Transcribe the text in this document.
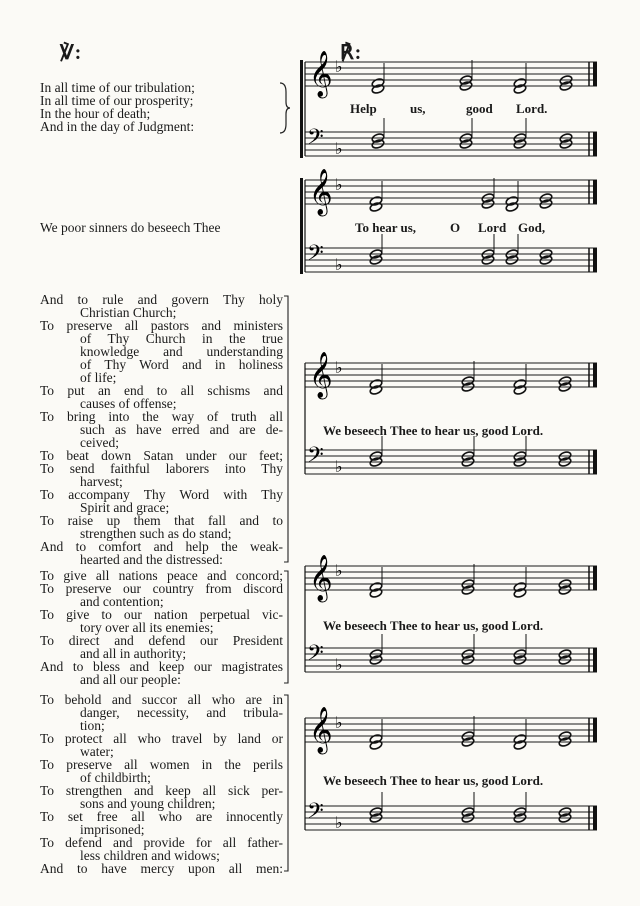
℣:	℟:
In all time of our tribulation;
In all time of our prosperity;
In the hour of death;
And in the day of Judgment:
We poor sinners do beseech Thee
And to rule and govern Thy holy
Christian Church;
To preserve all pastors and ministers
of Thy Church in the true
knowledge and understanding
of Thy Word and in holiness
of life;
To put an end to all schisms and
causes of offense;
To bring into the way of truth all
such as have erred and are de-
ceived;
To beat down Satan under our feet;
To send faithful laborers into Thy
harvest;
To accompany Thy Word with Thy
Spirit and grace;
To raise up them that fall and to
strengthen such as do stand;
And to comfort and help the weak-
hearted and the distressed:
To give all nations peace and concord;
To preserve our country from discord
and contention;
To give to our nation perpetual vic-
tory over all its enemies;
To direct and defend our President
and all in authority;
And to bless and keep our magistrates
and all our people:
To behold and succor all who are in
danger, necessity, and tribula-
tion;
To protect all who travel by land or
water;
To preserve all women in the perils
of childbirth;
To strengthen and keep all sick per-
sons and young children;
To set free all who are innocently
imprisoned;
To defend and provide for all father-
less children and widows;
And to have mercy upon all men:
𝄞 ♭
𝄢 ♭
𝄞 ♭
𝄢 ♭
𝄞 ♭
𝄢 ♭
𝄞 ♭
𝄢 ♭
𝄞 ♭
𝄢 ♭
Help	us,	good Lord.
To hear us,	O Lord God,
We beseech Thee to hear us, good Lord.
We beseech Thee to hear us, good Lord.
We beseech Thee to hear us, good Lord.
